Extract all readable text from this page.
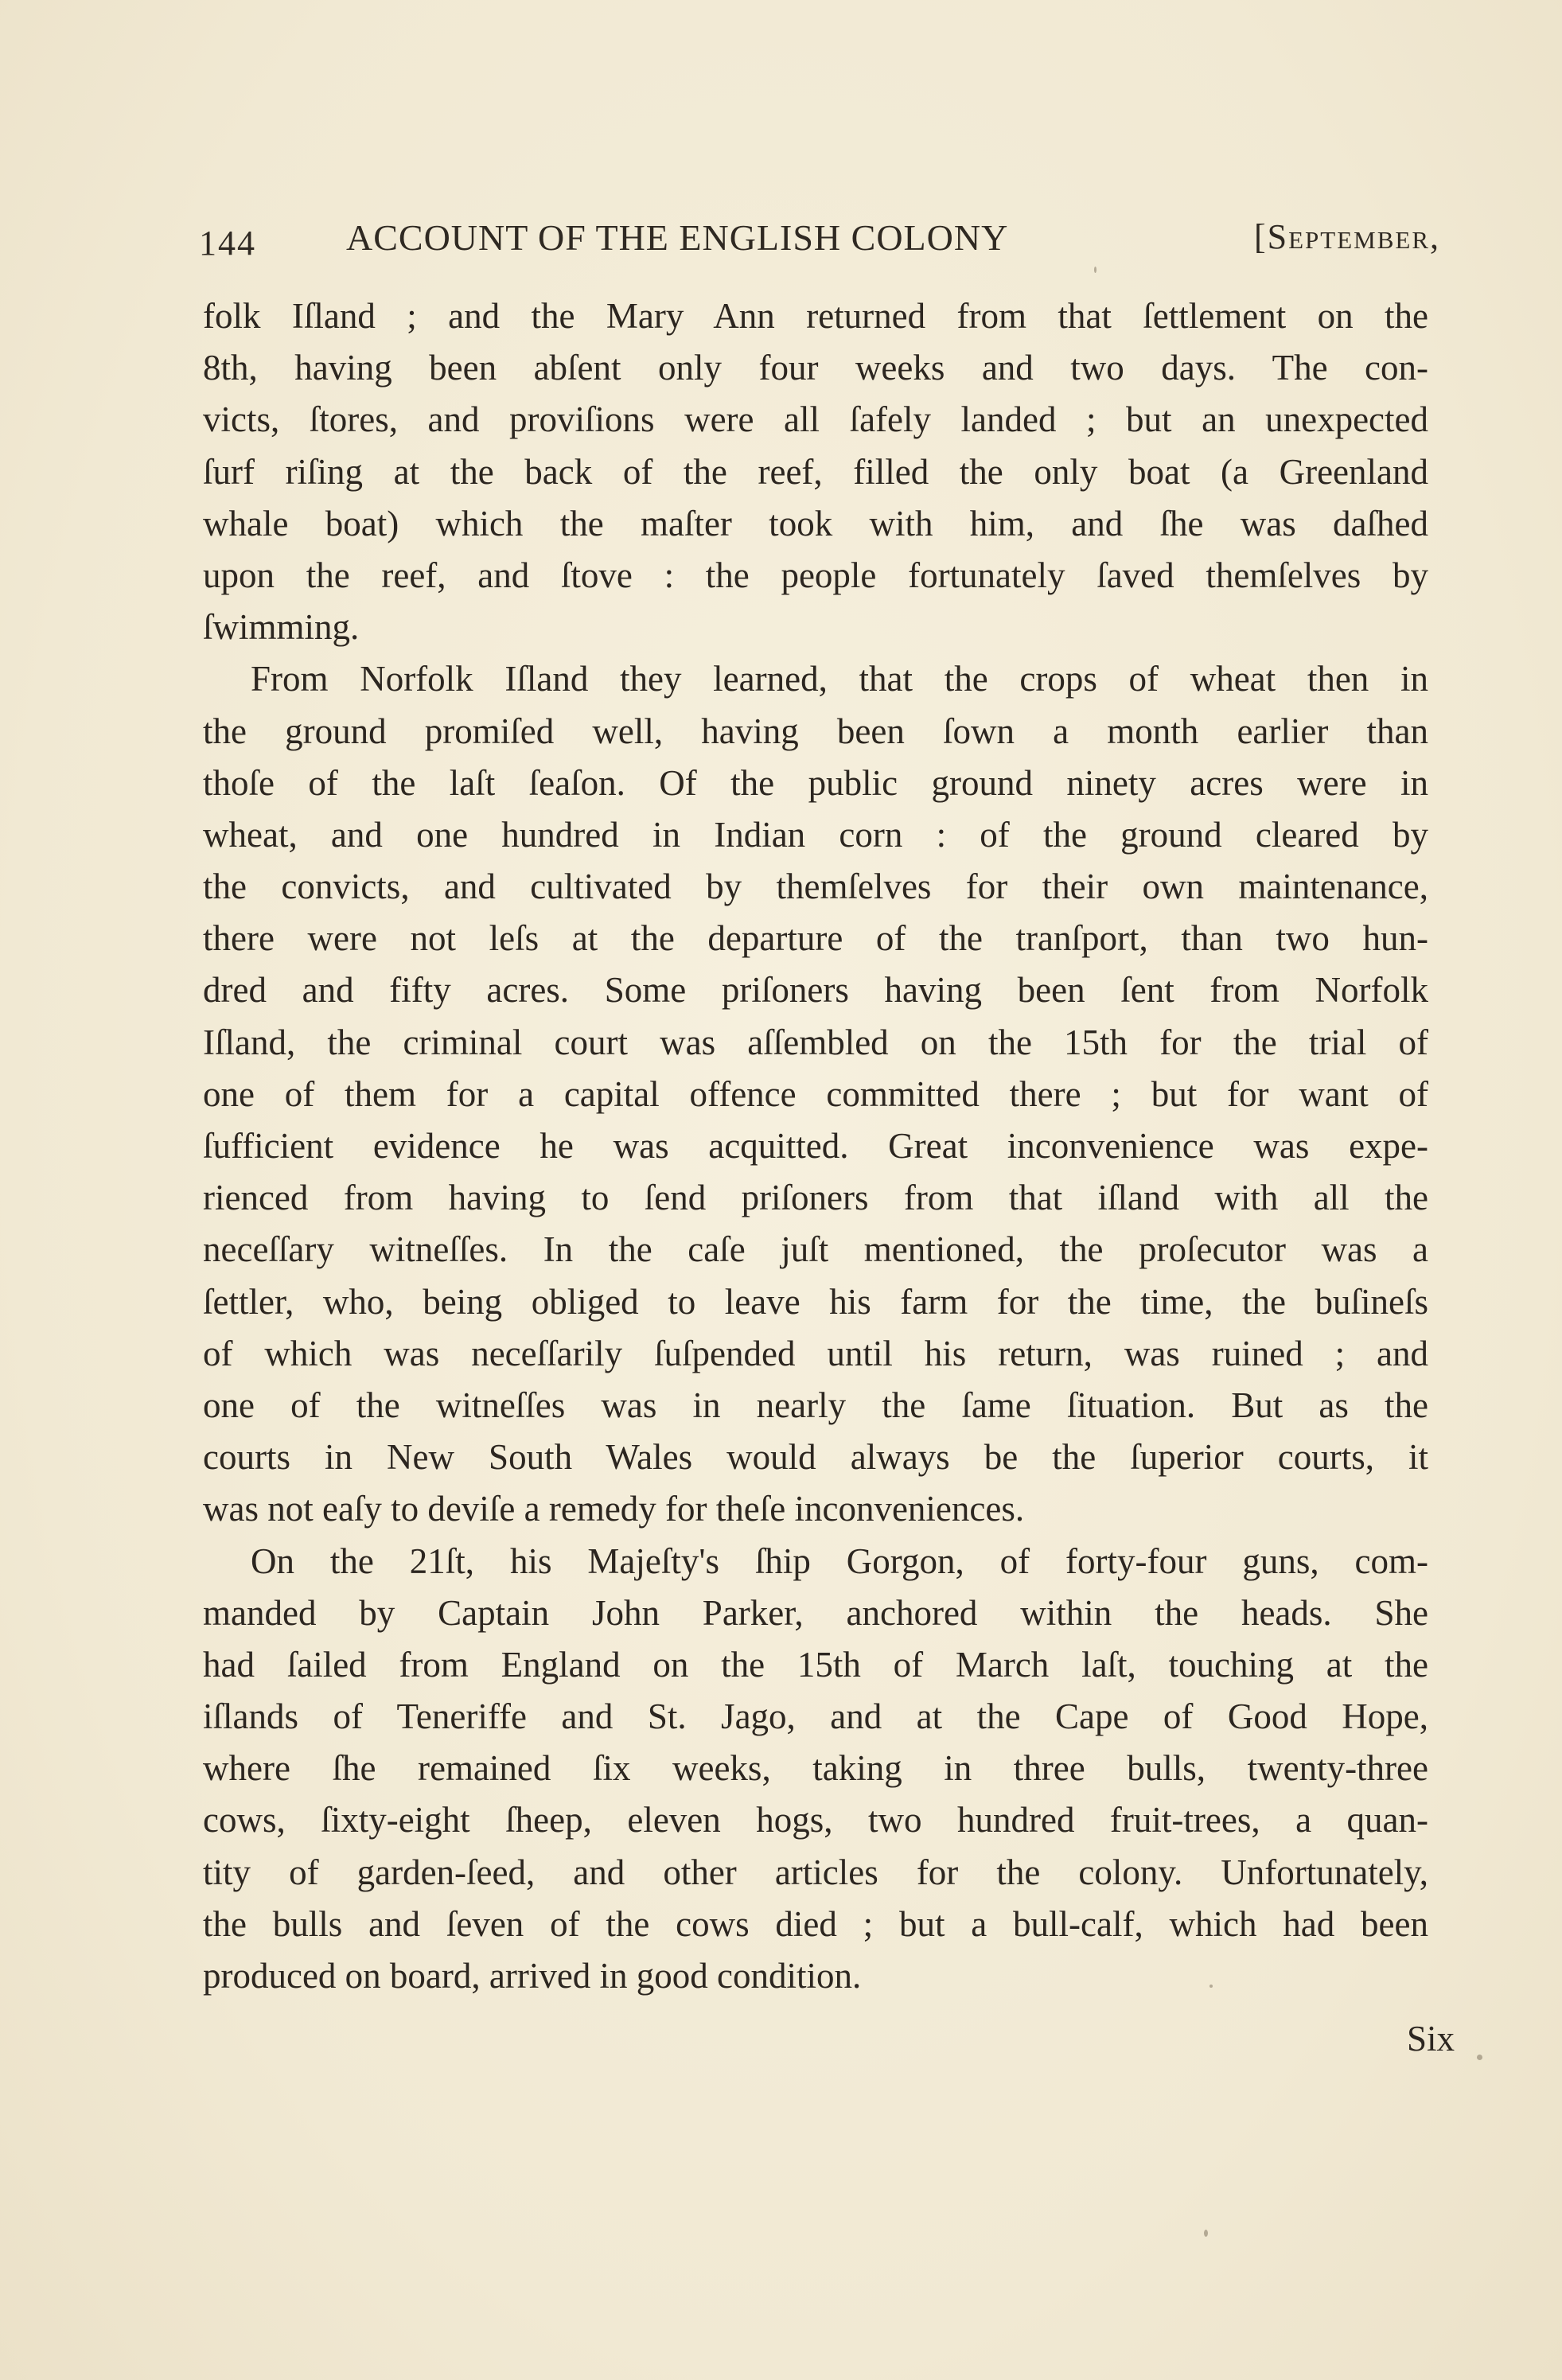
144 ACCOUNT OF THE ENGLISH COLONY	[September,
folk Iſland ; and the Mary Ann returned from that ſettlement on the
8th, having been abſent only four weeks and two days. The con-
victs, ſtores, and proviſions were all ſafely landed ; but an unexpected
ſurf riſing at the back of the reef, filled the only boat (a Greenland
whale boat) which the maſter took with him, and ſhe was daſhed
upon the reef, and ſtove : the people fortunately ſaved themſelves by
ſwimming.
From Norfolk Iſland they learned, that the crops of wheat then in
the ground promiſed well, having been ſown a month earlier than
thoſe of the laſt ſeaſon. Of the public ground ninety acres were in
wheat, and one hundred in Indian corn : of the ground cleared by
the convicts, and cultivated by themſelves for their own maintenance,
there were not leſs at the departure of the tranſport, than two hun-
dred and fifty acres. Some priſoners having been ſent from Norfolk
Iſland, the criminal court was aſſembled on the 15th for the trial of
one of them for a capital offence committed there ; but for want of
ſufficient evidence he was acquitted. Great inconvenience was expe-
rienced from having to ſend priſoners from that iſland with all the
neceſſary witneſſes. In the caſe juſt mentioned, the proſecutor was a
ſettler, who, being obliged to leave his farm for the time, the buſineſs
of which was neceſſarily ſuſpended until his return, was ruined ; and
one of the witneſſes was in nearly the ſame ſituation. But as the
courts in New South Wales would always be the ſuperior courts, it
was not eaſy to deviſe a remedy for theſe inconveniences.
On the 21ſt, his Majeſty's ſhip Gorgon, of forty-four guns, com-
manded by Captain John Parker, anchored within the heads. She
had ſailed from England on the 15th of March laſt, touching at the
iſlands of Teneriffe and St. Jago, and at the Cape of Good Hope,
where ſhe remained ſix weeks, taking in three bulls, twenty-three
cows, ſixty-eight ſheep, eleven hogs, two hundred fruit-trees, a quan-
tity of garden-ſeed, and other articles for the colony. Unfortunately,
the bulls and ſeven of the cows died ; but a bull-calf, which had been
produced on board, arrived in good condition.
Six
